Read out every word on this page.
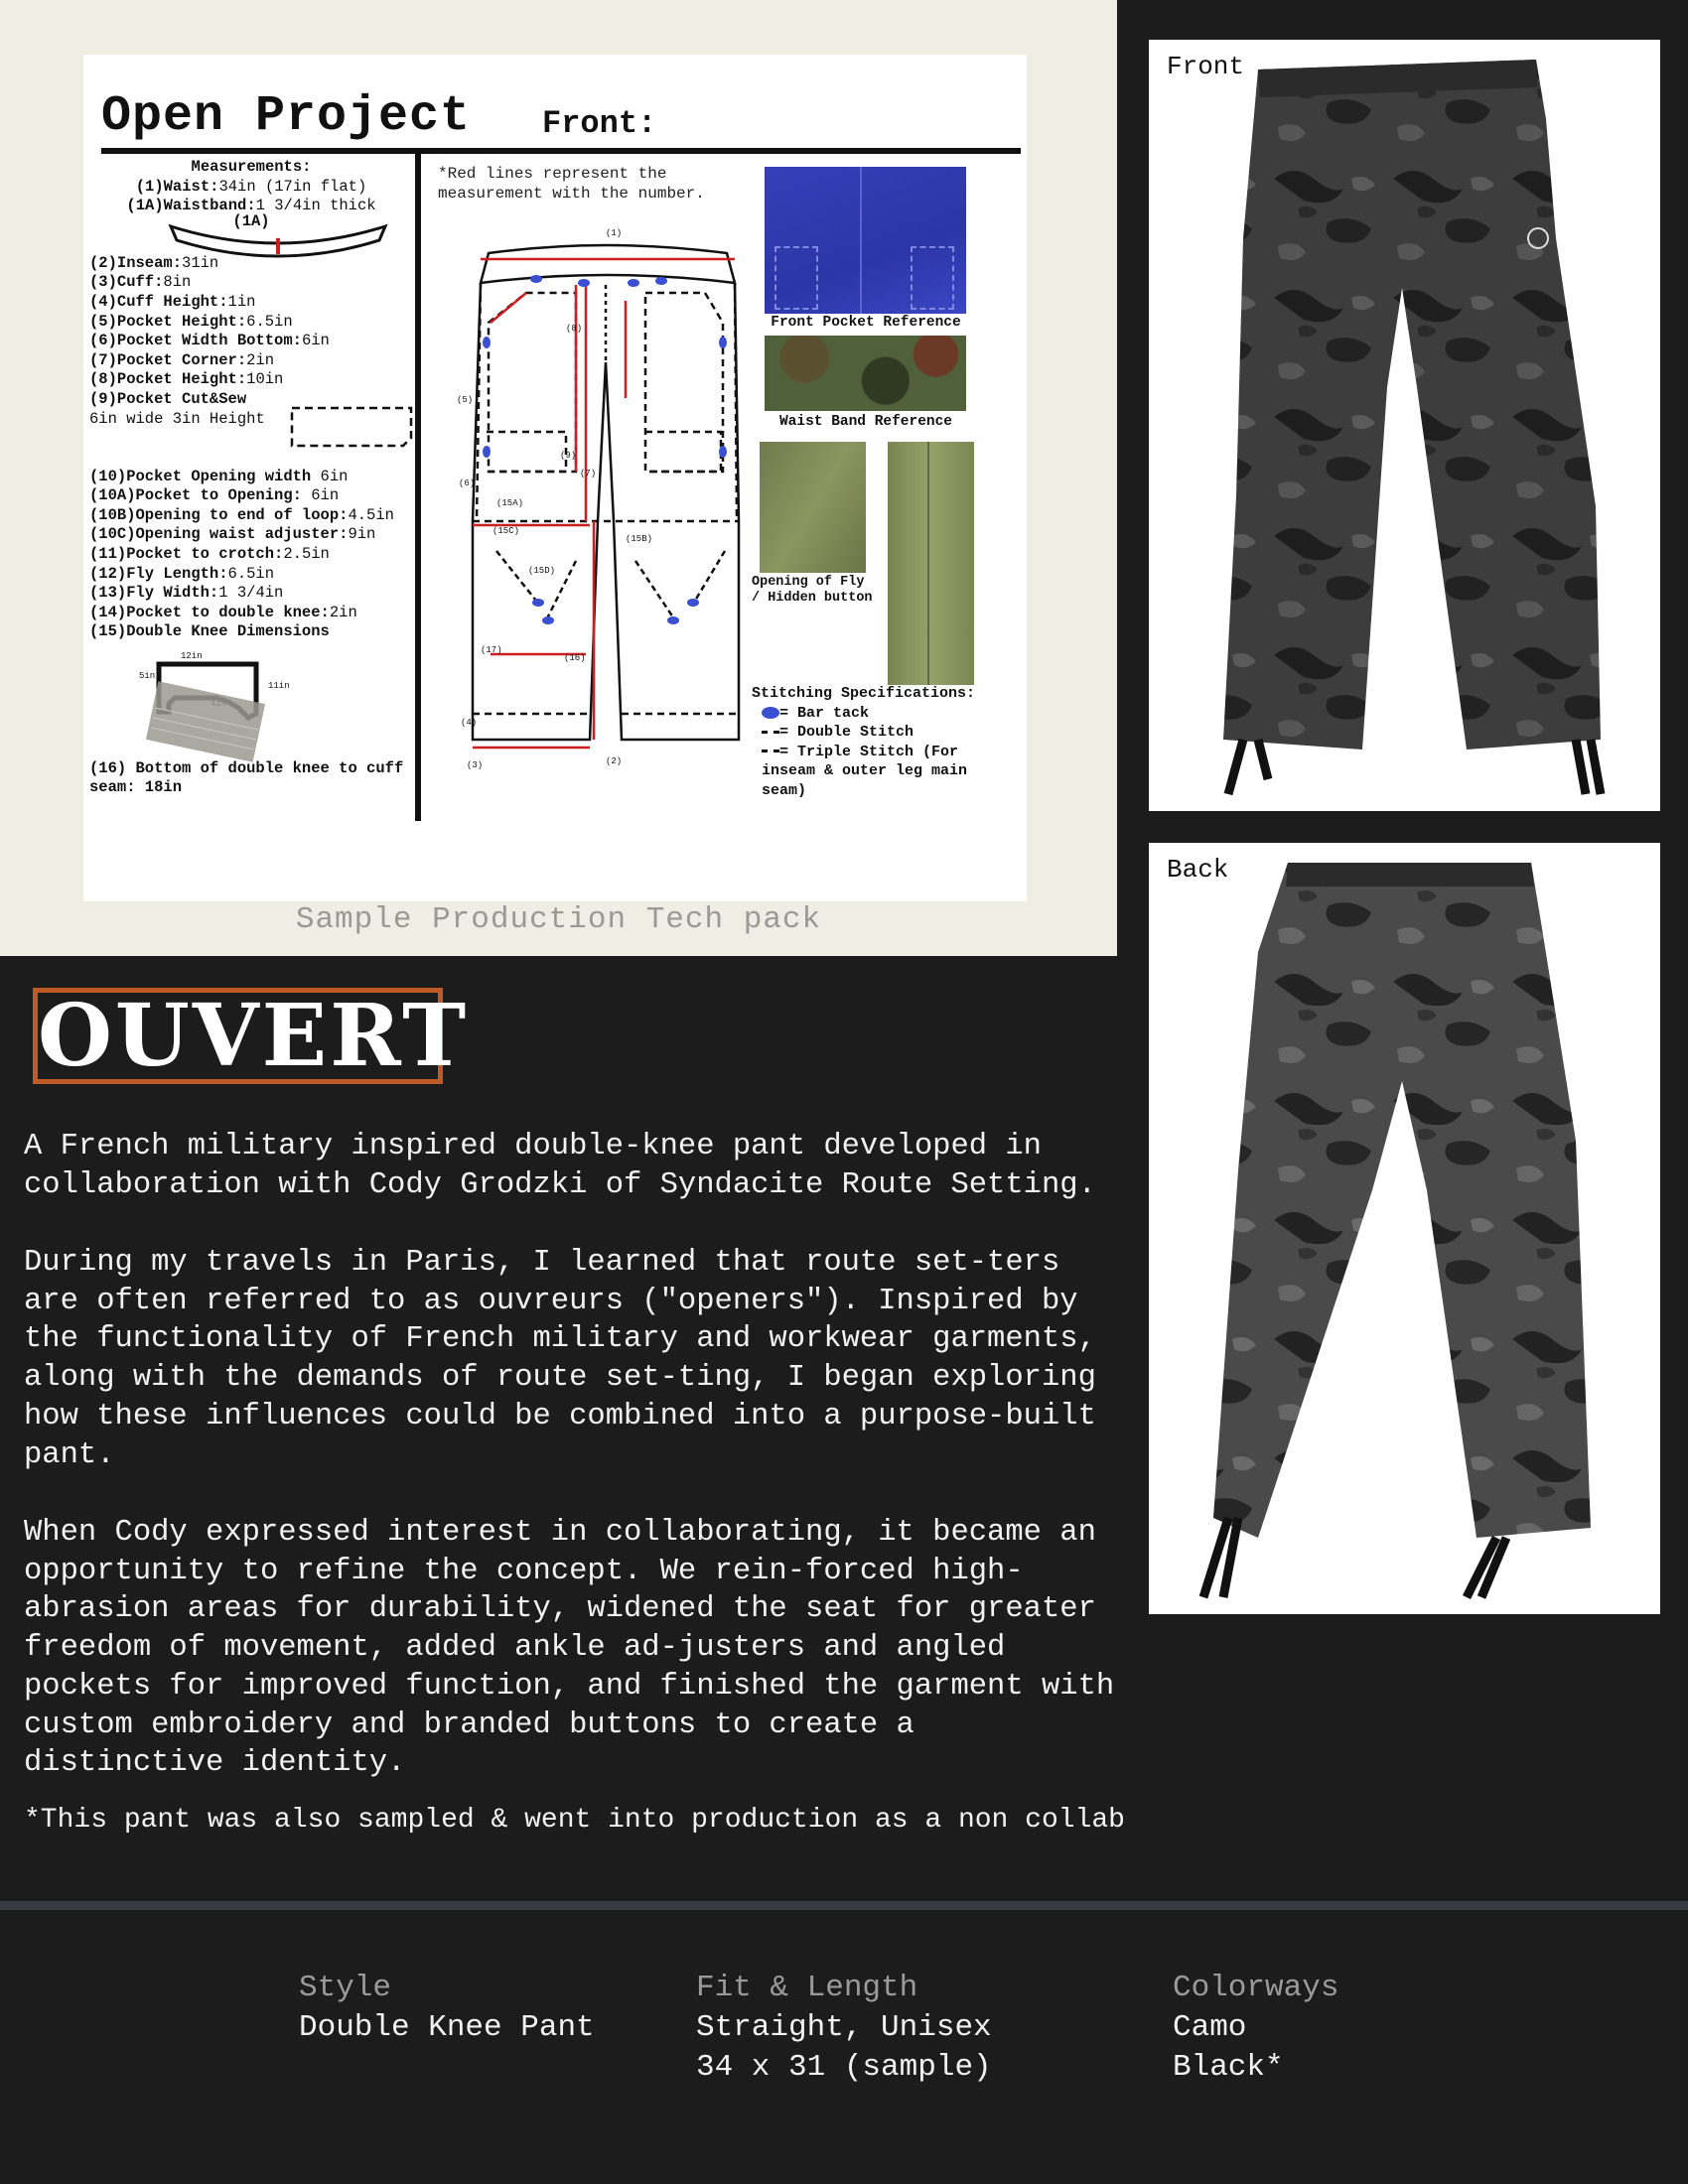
Open Project Front:
Measurements:
(1)Waist:34in (17in flat)
(1A)Waistband:1 3/4in thick
(1A)
(2)Inseam:31in
(3)Cuff:8in
(4)Cuff Height:1in
(5)Pocket Height:6.5in
(6)Pocket Width Bottom:6in
(7)Pocket Corner:2in
(8)Pocket Height:10in
(9)Pocket Cut&Sew
6in wide 3in Height
(10)Pocket Opening width 6in
(10A)Pocket to Opening: 6in
(10B)Opening to end of loop:4.5in
(10C)Opening waist adjuster:9in
(11)Pocket to crotch:2.5in
(12)Fly Length:6.5in
(13)Fly Width:1 3/4in
(14)Pocket to double knee:2in
(15)Double Knee Dimensions
12in
5in
11in
(16) Bottom of double knee to cuff seam: 18in
*Red lines represent the measurement with the number.
(1)
(2)
(3)
(4)
(5)
(6)
(7)
(8)
(9)
(15A)
(15B)
(15C)
(15D)
(16)
(17)
Front Pocket Reference
Waist Band Reference
Opening of Fly / Hidden button
Stitching Specifications:
= Bar tack
= Double Stitch
= Triple Stitch (For inseam & outer leg main seam)
Sample Production Tech pack
Front
Back
OUVERT
A French military inspired double-knee pant developed in collaboration with Cody Grodzki of Syndacite Route Setting.
During my travels in Paris, I learned that route set-ters are often referred to as ouvreurs ("openers"). Inspired by the functionality of French military and workwear garments, along with the demands of route set-ting, I began exploring how these influences could be combined into a purpose-built pant.
When Cody expressed interest in collaborating, it became an opportunity to refine the concept. We rein-forced high-abrasion areas for durability, widened the seat for greater freedom of movement, added ankle ad-justers and angled pockets for improved function, and finished the garment with custom embroidery and branded buttons to create a distinctive identity.
*This pant was also sampled & went into production as a non collab
Style
Double Knee Pant
Fit & Length
Straight, Unisex
34 x 31 (sample)
Colorways
Camo
Black*
